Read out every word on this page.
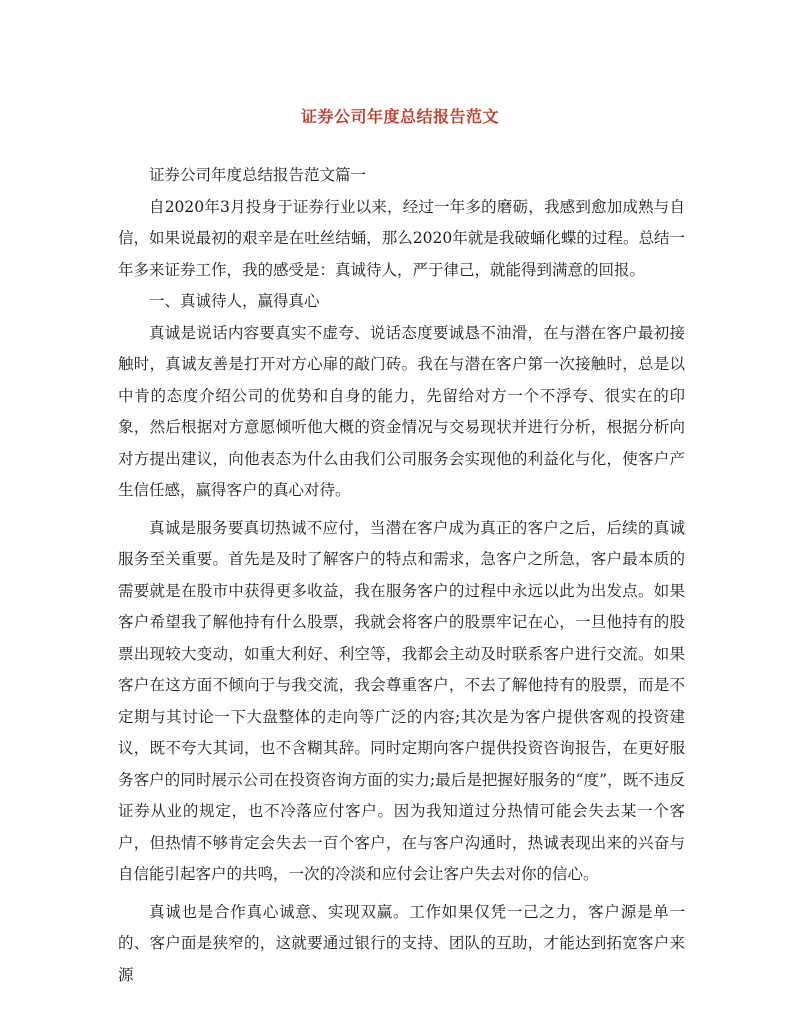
证券公司年度总结报告范文

证券公司年度总结报告范文篇一

自2020年3月投身于证券行业以来，经过一年多的磨砺，我感到愈加成熟与自信，如果说最初的艰辛是在吐丝结蛹，那么2020年就是我破蛹化蝶的过程。总结一年多来证券工作，我的感受是：真诚待人，严于律己，就能得到满意的回报。

一、真诚待人，赢得真心

真诚是说话内容要真实不虚夸、说话态度要诚恳不油滑，在与潜在客户最初接触时，真诚友善是打开对方心扉的敲门砖。我在与潜在客户第一次接触时，总是以中肯的态度介绍公司的优势和自身的能力，先留给对方一个不浮夸、很实在的印象，然后根据对方意愿倾听他大概的资金情况与交易现状并进行分析，根据分析向对方提出建议，向他表态为什么由我们公司服务会实现他的利益化与化，使客户产生信任感，赢得客户的真心对待。

真诚是服务要真切热诚不应付，当潜在客户成为真正的客户之后，后续的真诚服务至关重要。首先是及时了解客户的特点和需求，急客户之所急，客户最本质的需要就是在股市中获得更多收益，我在服务客户的过程中永远以此为出发点。如果客户希望我了解他持有什么股票，我就会将客户的股票牢记在心，一旦他持有的股票出现较大变动，如重大利好、利空等，我都会主动及时联系客户进行交流。如果客户在这方面不倾向于与我交流，我会尊重客户，不去了解他持有的股票，而是不定期与其讨论一下大盘整体的走向等广泛的内容;其次是为客户提供客观的投资建议，既不夸大其词，也不含糊其辞。同时定期向客户提供投资咨询报告，在更好服务客户的同时展示公司在投资咨询方面的实力;最后是把握好服务的“度”，既不违反证券从业的规定，也不冷落应付客户。因为我知道过分热情可能会失去某一个客户，但热情不够肯定会失去一百个客户，在与客户沟通时，热诚表现出来的兴奋与自信能引起客户的共鸣，一次的冷淡和应付会让客户失去对你的信心。

真诚也是合作真心诚意、实现双赢。工作如果仅凭一己之力，客户源是单一的、客户面是狭窄的，这就要通过银行的支持、团队的互助，才能达到拓宽客户来源
